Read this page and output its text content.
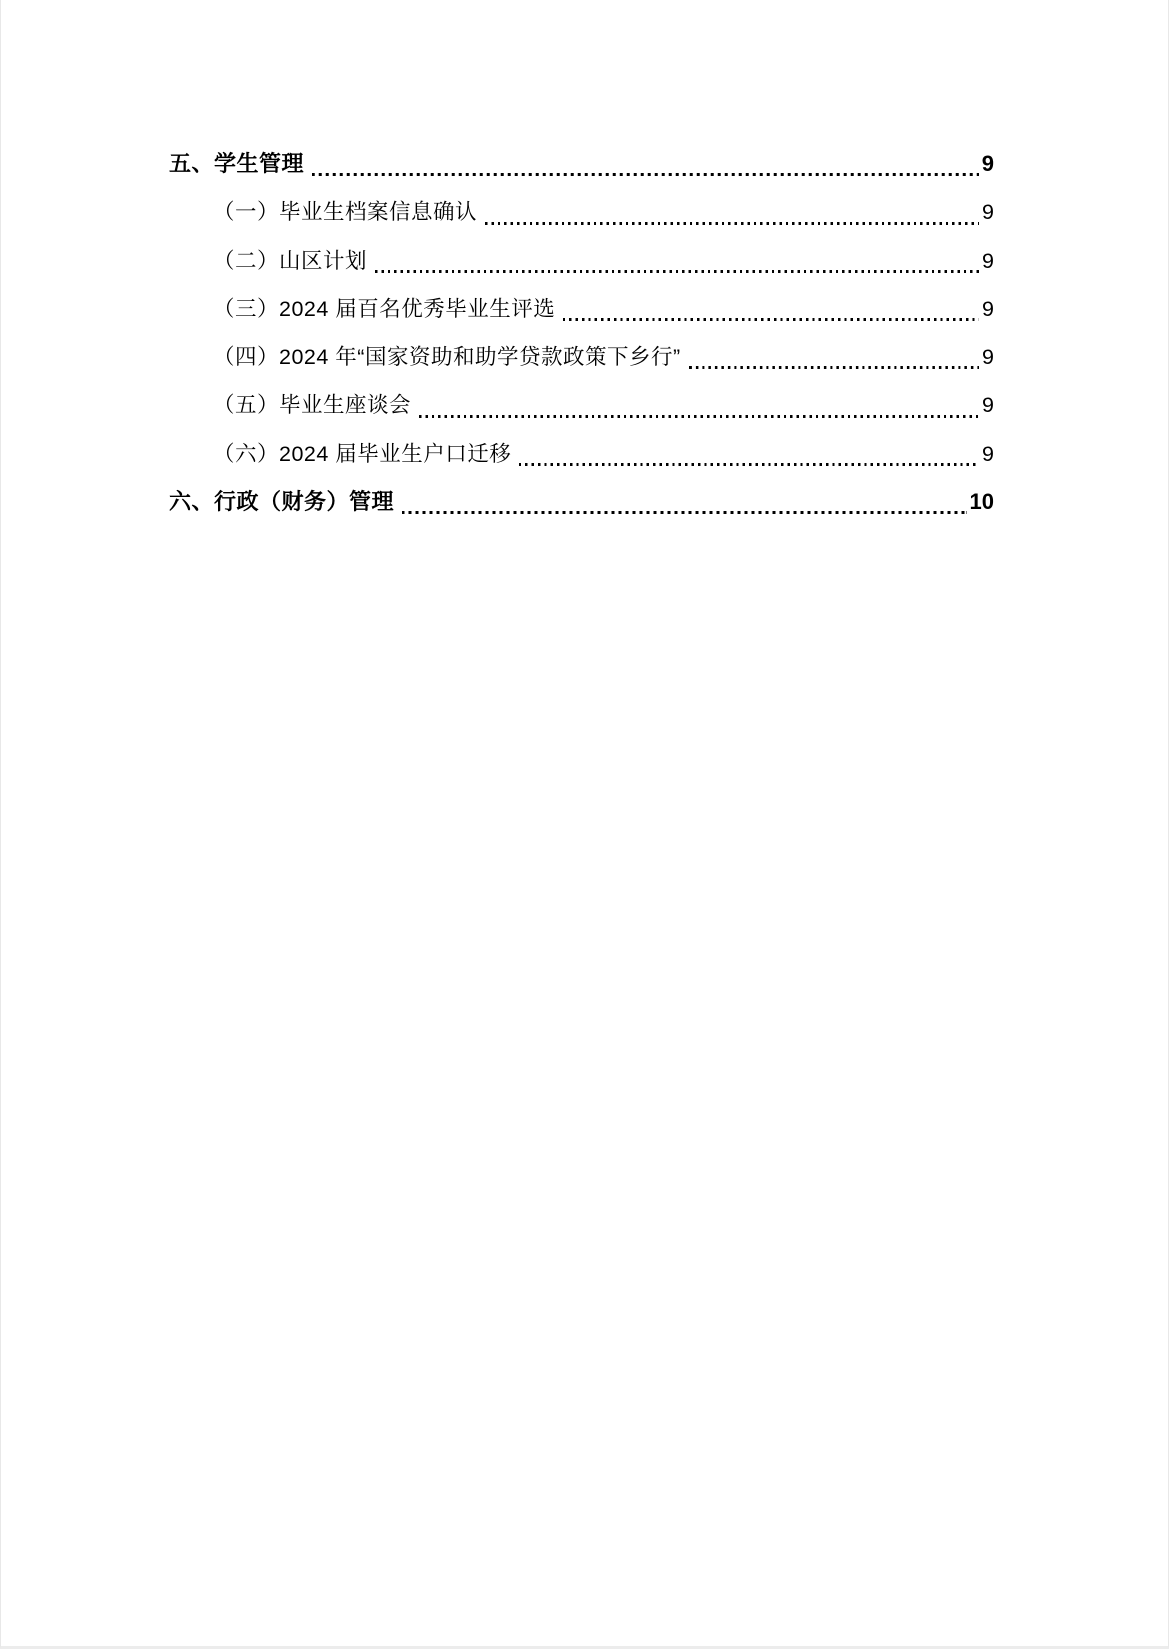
五、学生管理	9
（一）毕业生档案信息确认	9
（二）山区计划	9
（三）2024 届百名优秀毕业生评选	9
（四）2024 年“国家资助和助学贷款政策下乡行”	9
（五）毕业生座谈会	9
（六）2024 届毕业生户口迁移	9
六、行政（财务）管理	10
